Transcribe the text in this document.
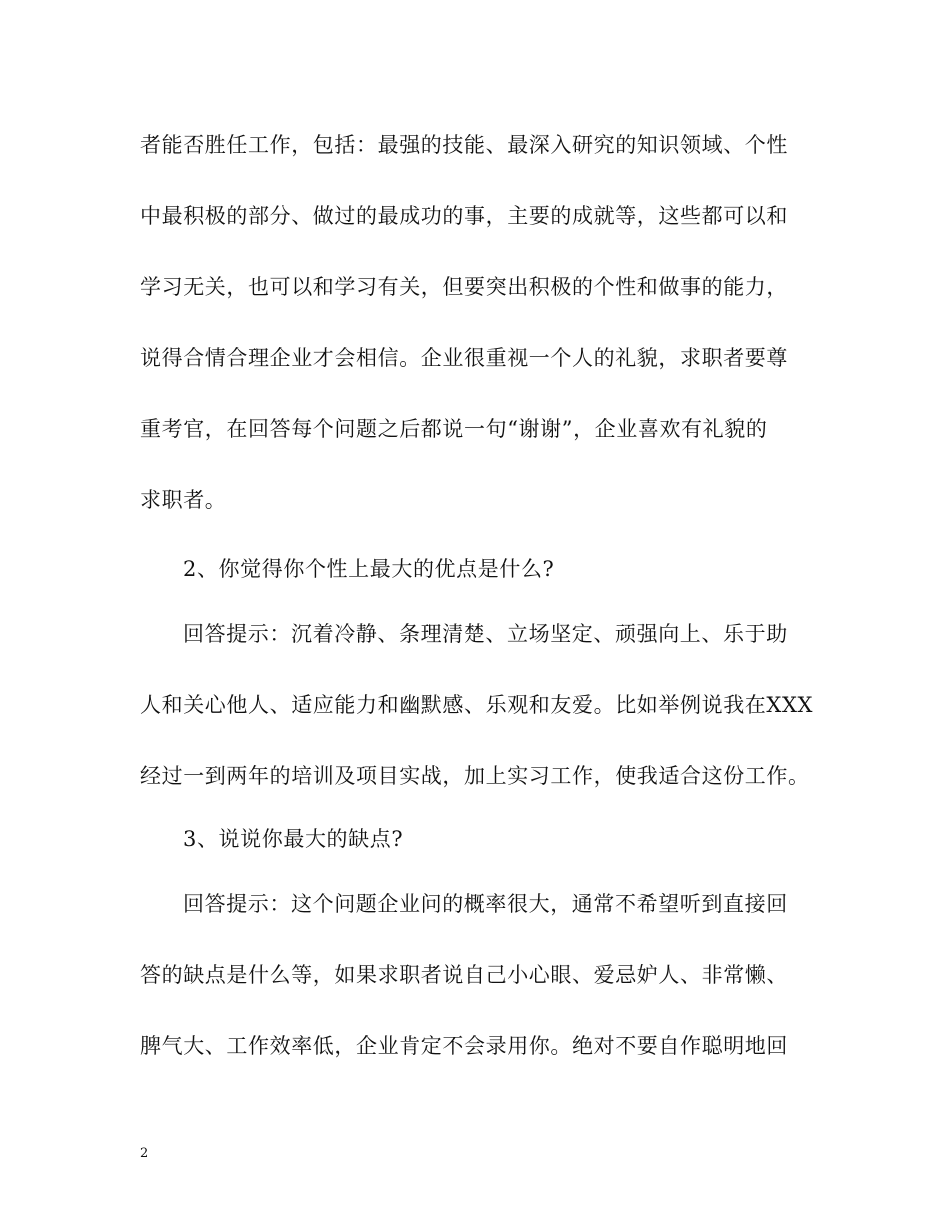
者能否胜任工作，包括：最强的技能、最深入研究的知识领域、个性
中最积极的部分、做过的最成功的事，主要的成就等，这些都可以和
学习无关，也可以和学习有关，但要突出积极的个性和做事的能力，
说得合情合理企业才会相信。企业很重视一个人的礼貌，求职者要尊
重考官，在回答每个问题之后都说一句“谢谢”，企业喜欢有礼貌的
求职者。
2、你觉得你个性上最大的优点是什么?
回答提示：沉着冷静、条理清楚、立场坚定、顽强向上、乐于助
人和关心他人、适应能力和幽默感、乐观和友爱。比如举例说我在XXX
经过一到两年的培训及项目实战，加上实习工作，使我适合这份工作。
3、说说你最大的缺点?
回答提示：这个问题企业问的概率很大，通常不希望听到直接回
答的缺点是什么等，如果求职者说自己小心眼、爱忌妒人、非常懒、
脾气大、工作效率低，企业肯定不会录用你。绝对不要自作聪明地回
2
